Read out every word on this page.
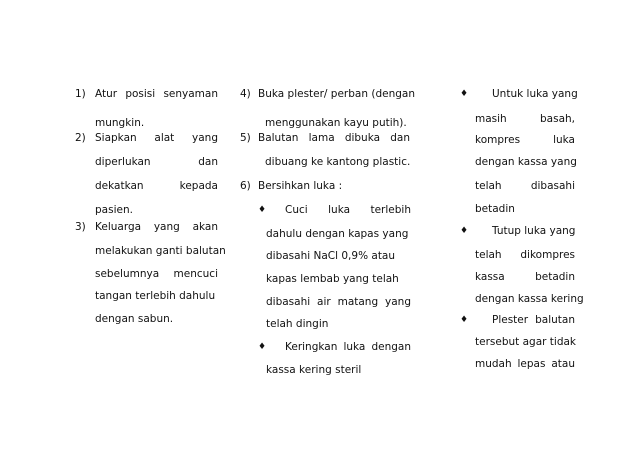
1) Atur posisi senyaman
mungkin.
2) Siapkan alat yang
diperlukan	dan
dekatkan	kepada
pasien.
3) Keluarga yang akan
melakukan ganti balutan
sebelumnya mencuci
tangan terlebih dahulu
dengan sabun.
4) Buka plester/ perban (dengan
menggunakan kayu putih).
5) Balutan lama dibuka dan
dibuang ke kantong plastic.
6) Bersihkan luka :
♦ Cuci luka terlebih
dahulu dengan kapas yang
dibasahi NaCl 0,9% atau
kapas lembab yang telah
dibasahi air matang yang
telah dingin
♦ Keringkan luka dengan
kassa kering steril
♦ Untuk luka yang
masih	basah,
kompres	luka
dengan kassa yang
telah	dibasahi
betadin
♦ Tutup luka yang
telah dikompres
kassa	betadin
dengan kassa kering
♦ Plester balutan
tersebut agar tidak
mudah lepas atau
